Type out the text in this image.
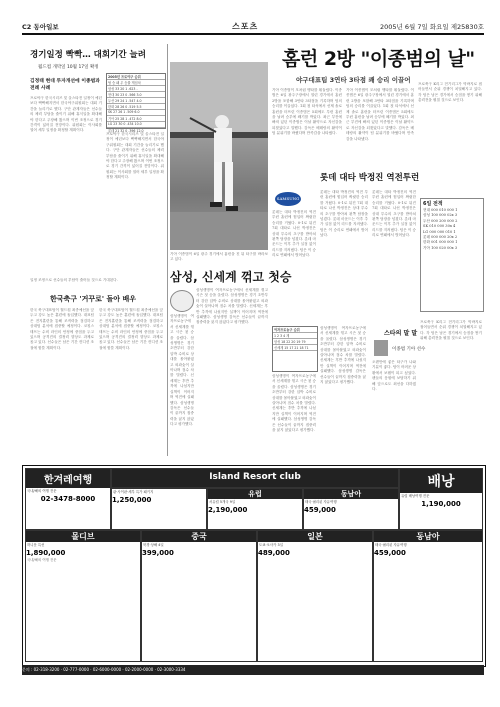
C2 동아일보	스포츠	2005년 6월 7일 화요일 제25830호
경기일정 빡빡… 대회기간 늘려
월드컵 개막일 10월 17일 확정
김정태 현대 투자개선에 이종범과 전례 사례
2005년 프로야구 순위
팀 승 패 무 승률 게임차
삼성 33 20 1 .623 -
현대 30 23 0 .566 3.0
두산 29 24 1 .547 4.0
한화 28 26 0 .519 5.5
SK 27 26 1 .509 6.0
기아 25 28 1 .472 8.0
LG 23 30 0 .434 10.0
롯데 21 32 0 .396 12.0
프로야구 한국시리즈 및 올스타전 일정이 예년보다 빡빡해지면서 한국야구위원회는 대회 기간을 늘리기로 했다. 구단 관계자들은 선수들의 체력 부담을 줄이기 위해 휴식일을 확대해야 한다고 주장해 왔으며 이번 조정으로 경기 간격이 넓어질 전망이다. 위원회는 이사회를 열어 세부 일정을 확정할 계획이다.
프로야구 한국시리즈 및 올스타전 일정이 예년보다 빡빡해지면서 한국야구위원회는 대회 기간을 늘리기로 했다. 구단 관계자들은 선수들의 체력 부담을 줄이기 위해 휴식일을 확대해야 한다고 주장해 왔으며 이번 조정으로 경기 간격이 넓어질 전망이다. 위원회는 이사회를 열어 세부 일정을 확정할 계획이다.
일정 조정으로 선수들의 부담이 줄어들 것으로 기대된다.
한국축구 '거꾸로' 돌아 배우
한국 축구대표팀이 월드컵 최종예선을 앞두고 강도 높은 훈련에 돌입했다. 대표팀은 전지훈련을 통해 조직력을 점검하고 상대팀 분석에 집중할 예정이다. 코칭스태프는 수비 라인의 안정에 중점을 두고 있으며 공격진의 결정력 향상도 과제로 꼽고 있다. 선수들은 남은 기간 컨디션 조절에 힘쓸 계획이다.
한국 축구대표팀이 월드컵 최종예선을 앞두고 강도 높은 훈련에 돌입했다. 대표팀은 전지훈련을 통해 조직력을 점검하고 상대팀 분석에 집중할 예정이다. 코칭스태프는 수비 라인의 안정에 중점을 두고 있으며 공격진의 결정력 향상도 과제로 꼽고 있다. 선수들은 남은 기간 컨디션 조절에 힘쓸 계획이다.
기아 이종범이 6일 광주 경기에서 홈런을 친 뒤 타구를 바라보고 있다.
홈런 2방 "이종범의 날"
야구대표팀 3연타 3타점 쾌 승리 이끌어
기아 이종범이 모처럼 맹타를 휘둘렀다. 이종범은 6일 광주구장에서 열린 경기에서 홈런 2방을 포함해 3안타 3타점을 기록하며 팀의 승리를 이끌었다. 1회 첫 타석에서 선제 솔로 홈런을 터뜨린 이종범은 5회에도 투런 홈런을 날려 승부에 쐐기를 박았다. 최근 부진에 빠져 있던 이종범은 이날 활약으로 자신감을 되찾았다고 말했다. 감독은 베테랑의 활약이 팀 분위기를 바꿨다며 만족감을 나타냈다.
기아 이종범이 모처럼 맹타를 휘둘렀다. 이종범은 6일 광주구장에서 열린 경기에서 홈런 2방을 포함해 3안타 3타점을 기록하며 팀의 승리를 이끌었다. 1회 첫 타석에서 선제 솔로 홈런을 터뜨린 이종범은 5회에도 투런 홈런을 날려 승부에 쐐기를 박았다. 최근 부진에 빠져 있던 이종범은 이날 활약으로 자신감을 되찾았다고 말했다. 감독은 베테랑의 활약이 팀 분위기를 바꿨다며 만족감을 나타냈다.
프로축구 K리그 전기리그가 막바지로 접어들면서 순위 경쟁이 치열해지고 있다. 각 팀은 남은 경기에서 승점을 쌓기 위해 총력전을 펼칠 것으로 보인다.
롯데 대타 박정진 역전투런
SAMSUNG
롯데는 대타 박정진의 역전 투런 홈런에 힘입어 짜릿한 승리를 거뒀다. 0-1로 뒤진 7회 대타로 나선 박정진은 상대 투수의 초구를 받아쳐 왼쪽 담장을 넘겼다. 롯데 마운드는 이후 추가 실점 없이 리드를 지켜냈다. 팀은 이 승리로 연패에서 벗어났다.
롯데는 대타 박정진의 역전 투런 홈런에 힘입어 짜릿한 승리를 거뒀다. 0-1로 뒤진 7회 대타로 나선 박정진은 상대 투수의 초구를 받아쳐 왼쪽 담장을 넘겼다. 롯데 마운드는 이후 추가 실점 없이 리드를 지켜냈다. 팀은 이 승리로 연패에서 벗어났다.
롯데는 대타 박정진의 역전 투런 홈런에 힘입어 짜릿한 승리를 거뒀다. 0-1로 뒤진 7회 대타로 나선 박정진은 상대 투수의 초구를 받아쳐 왼쪽 담장을 넘겼다. 롯데 마운드는 이후 추가 실점 없이 리드를 지켜냈다. 팀은 이 승리로 연패에서 벗어났다.
6일 전적
현대 000 010 000 1
삼성 100 000 02x 3
두산 000 200 000 2
SK 010 000 30x 4
LG 000 000 010 1
롯데 000 000 20x 2
한화 001 000 000 1
기아 100 020 00x 3
삼성, 신세계 꺾고 첫승
삼성생명이 여자프로농구에서 신세계를 꺾고 시즌 첫 승을 올렸다. 삼성생명은 경기 초반부터 강한 압박 수비로 상대를 몰아붙였고 외곽슛이 살아나며 점수 차를 벌렸다. 신세계는 후반 추격에 나섰지만 실책이 이어지며 역전에 실패했다. 삼성생명 감독은 선수들이 끝까지 집중력을 잃지 않았다고 평가했다.
삼성생명이 여자프로농구에서 신세계를 꺾고 시즌 첫 승을 올렸다. 삼성생명은 경기 초반부터 강한 압박 수비로 상대를 몰아붙였고 외곽슛이 살아나며 점수 차를 벌렸다. 신세계는 후반 추격에 나섰지만 실책이 이어지며 역전에 실패했다. 삼성생명 감독은 선수들이 끝까지 집중력을 잃지 않았다고 평가했다.
여자프로농구 순위
1 2 3 4 계
삼성 18 22 20 19 79
신세계 15 17 21 18 71
삼성생명이 여자프로농구에서 신세계를 꺾고 시즌 첫 승을 올렸다. 삼성생명은 경기 초반부터 강한 압박 수비로 상대를 몰아붙였고 외곽슛이 살아나며 점수 차를 벌렸다. 신세계는 후반 추격에 나섰지만 실책이 이어지며 역전에 실패했다. 삼성생명 감독은 선수들이 끝까지 집중력을 잃지 않았다고 평가했다.
삼성생명이 여자프로농구에서 신세계를 꺾고 시즌 첫 승을 올렸다. 삼성생명은 경기 초반부터 강한 압박 수비로 상대를 몰아붙였고 외곽슛이 살아나며 점수 차를 벌렸다. 신세계는 후반 추격에 나섰지만 실책이 이어지며 역전에 실패했다. 삼성생명 감독은 선수들이 끝까지 집중력을 잃지 않았다고 평가했다.
스타의 말 말
이종범 기아 선수
오랜만에 좋은 타구가 나와 기분이 좋다. 팀이 어려운 상황에서 보탬이 되고 싶었다. 팬들의 응원에 보답하기 위해 앞으로도 최선을 다하겠다.
프로축구 K리그 전기리그가 막바지로 접어들면서 순위 경쟁이 치열해지고 있다. 각 팀은 남은 경기에서 승점을 쌓기 위해 총력전을 펼칠 것으로 보인다.
한겨레여행
국내/해외 여행 전문
02-3478-8000
Island Resort club	배낭
유럽 배낭여행 전문
1,190,000
괌·사이판·세부 특가 패키지
1,250,000
유럽
서유럽 5개국 9일
2,190,000
동남아
태국·필리핀 자유여행
459,000
몰디브
허니문 특선
1,890,000
국내/해외 여행 전문
중국
북경·상해 4일
399,000
일본
도쿄·오사카 3일
489,000
동남아
태국·필리핀 자유여행
459,000
문의 : 02-318-3200 · 02-777-0000 · 02-6000-0000 · 02-2000-0000 · 02-3000-3334
